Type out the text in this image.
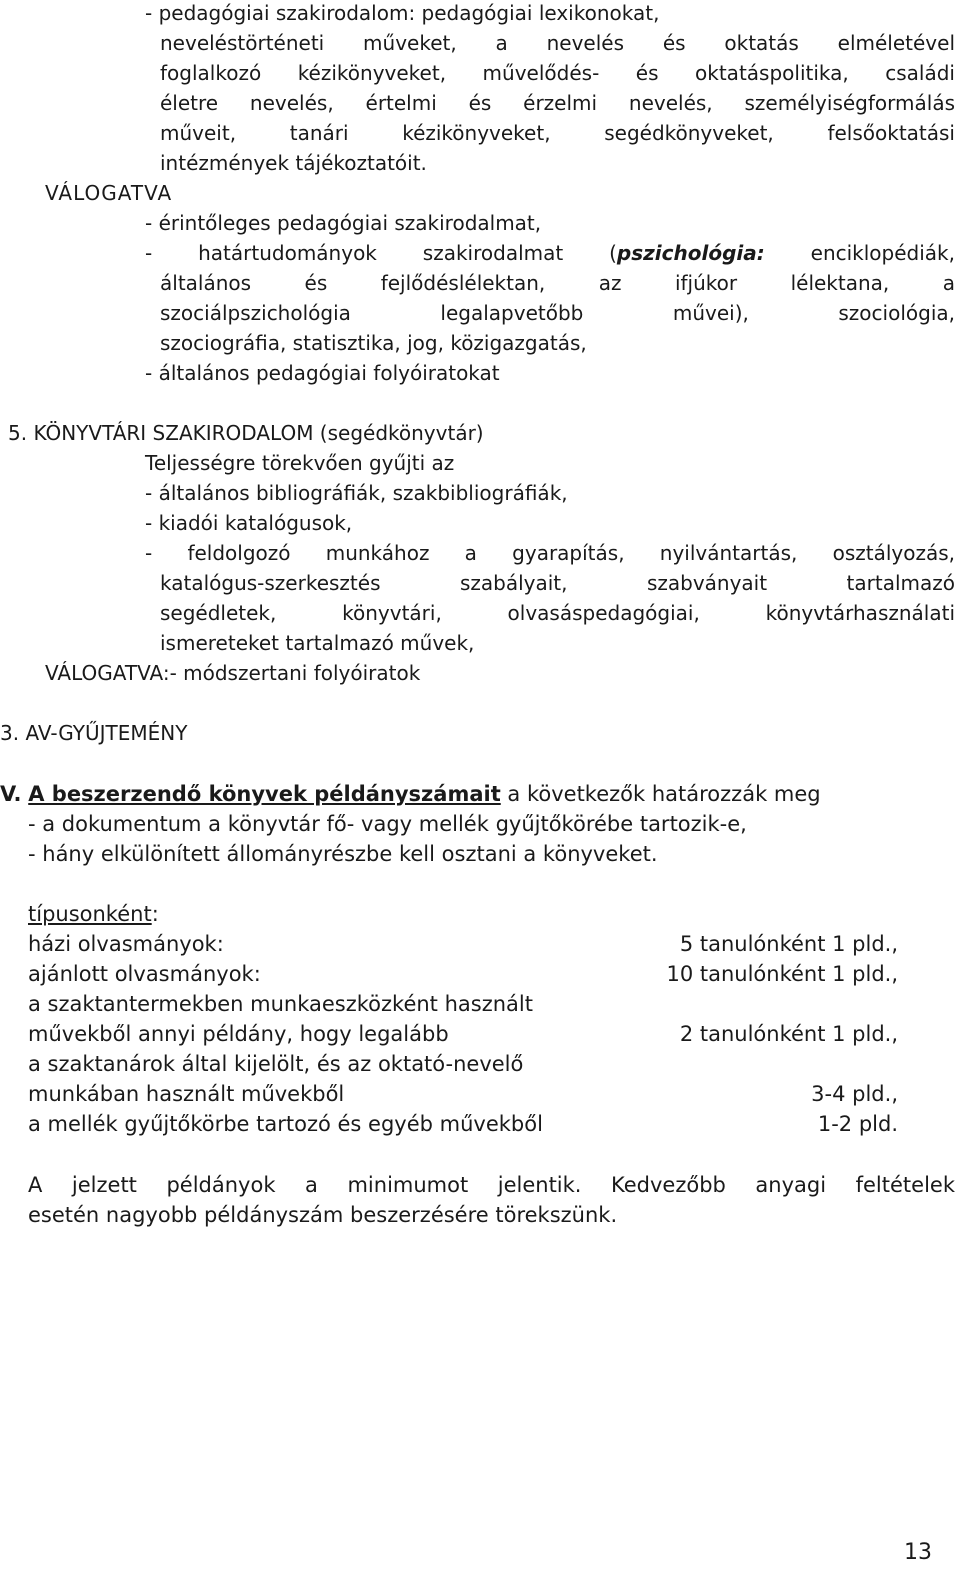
- pedagógiai szakirodalom: pedagógiai lexikonokat,
neveléstörténeti műveket, a nevelés és oktatás elméletével
foglalkozó kézikönyveket, művelődés- és oktatáspolitika, családi
életre nevelés, értelmi és érzelmi nevelés, személyiségformálás
műveit, tanári kézikönyveket, segédkönyveket, felsőoktatási
intézmények tájékoztatóit.
VÁLOGATVA
- érintőleges pedagógiai szakirodalmat,
- határtudományok szakirodalmat (pszichológia: enciklopédiák,
általános és fejlődéslélektan, az ifjúkor lélektana, a
szociálpszichológia legalapvetőbb művei), szociológia,
szociográfia, statisztika, jog, közigazgatás,
- általános pedagógiai folyóiratokat
5. KÖNYVTÁRI SZAKIRODALOM (segédkönyvtár)
Teljességre törekvően gyűjti az
- általános bibliográfiák, szakbibliográfiák,
- kiadói katalógusok,
- feldolgozó munkához a gyarapítás, nyilvántartás, osztályozás,
katalógus-szerkesztés szabályait, szabványait tartalmazó
segédletek, könyvtári, olvasáspedagógiai, könyvtárhasználati
ismereteket tartalmazó művek,
VÁLOGATVA:- módszertani folyóiratok
3. AV-GYŰJTEMÉNY
V. A beszerzendő könyvek példányszámait a következők határozzák meg
- a dokumentum a könyvtár fő- vagy mellék gyűjtőkörébe tartozik-e,
- hány elkülönített állományrészbe kell osztani a könyveket.
típusonként:
házi olvasmányok:	5 tanulónként 1 pld.,
ajánlott olvasmányok:	10 tanulónként 1 pld.,
a szaktantermekben munkaeszközként használt
művekből annyi példány, hogy legalább	2 tanulónként 1 pld.,
a szaktanárok által kijelölt, és az oktató-nevelő
munkában használt művekből	3-4 pld.,
a mellék gyűjtőkörbe tartozó és egyéb művekből	1-2 pld.
A jelzett példányok a minimumot jelentik. Kedvezőbb anyagi feltételek
esetén nagyobb példányszám beszerzésére törekszünk.
13
